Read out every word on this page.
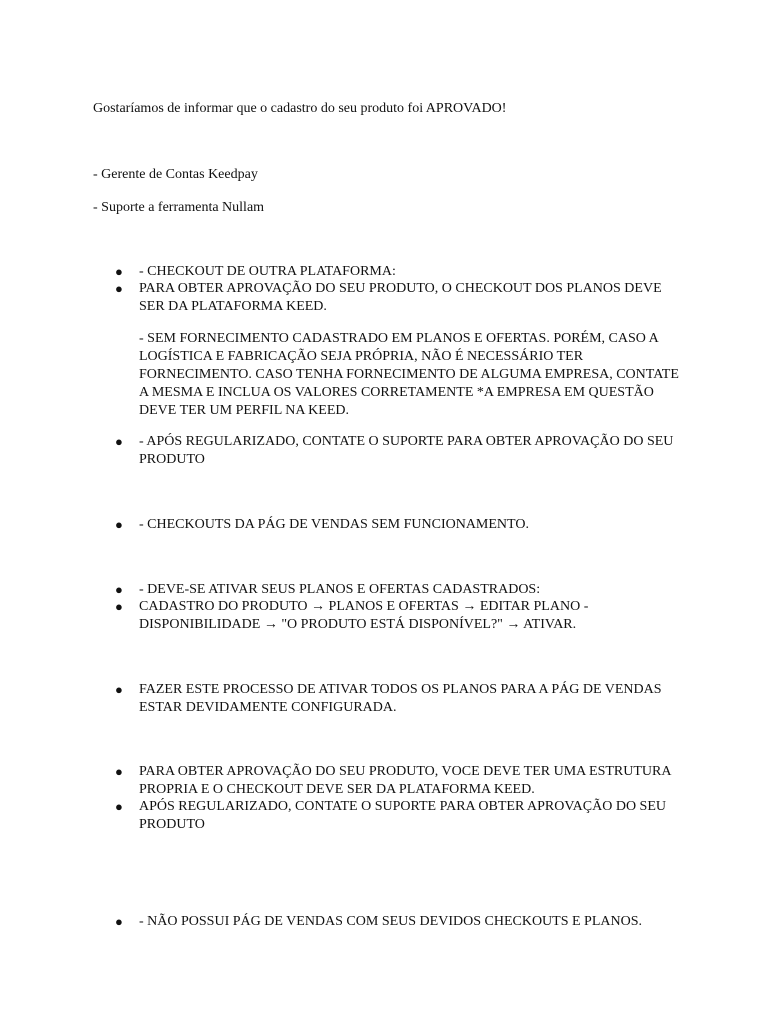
Gostaríamos de informar que o cadastro do seu produto foi APROVADO!
- Gerente de Contas Keedpay
- Suporte a ferramenta Nullam
● - CHECKOUT DE OUTRA PLATAFORMA:
● PARA OBTER APROVAÇÃO DO SEU PRODUTO, O CHECKOUT DOS PLANOS DEVE SER DA PLATAFORMA KEED.
- SEM FORNECIMENTO CADASTRADO EM PLANOS E OFERTAS. PORÉM, CASO A LOGÍSTICA E FABRICAÇÃO SEJA PRÓPRIA, NÃO É NECESSÁRIO TER FORNECIMENTO. CASO TENHA FORNECIMENTO DE ALGUMA EMPRESA, CONTATE A MESMA E INCLUA OS VALORES CORRETAMENTE *A EMPRESA EM QUESTÃO DEVE TER UM PERFIL NA KEED.
● - APÓS REGULARIZADO, CONTATE O SUPORTE PARA OBTER APROVAÇÃO DO SEU PRODUTO
● - CHECKOUTS DA PÁG DE VENDAS SEM FUNCIONAMENTO.
● - DEVE-SE ATIVAR SEUS PLANOS E OFERTAS CADASTRADOS:
● CADASTRO DO PRODUTO → PLANOS E OFERTAS → EDITAR PLANO - DISPONIBILIDADE → "O PRODUTO ESTÁ DISPONÍVEL?" → ATIVAR.
● FAZER ESTE PROCESSO DE ATIVAR TODOS OS PLANOS PARA A PÁG DE VENDAS ESTAR DEVIDAMENTE CONFIGURADA.
● PARA OBTER APROVAÇÃO DO SEU PRODUTO, VOCE DEVE TER UMA ESTRUTURA PROPRIA E O CHECKOUT DEVE SER DA PLATAFORMA KEED.
● APÓS REGULARIZADO, CONTATE O SUPORTE PARA OBTER APROVAÇÃO DO SEU PRODUTO
● - NÃO POSSUI PÁG DE VENDAS COM SEUS DEVIDOS CHECKOUTS E PLANOS.
